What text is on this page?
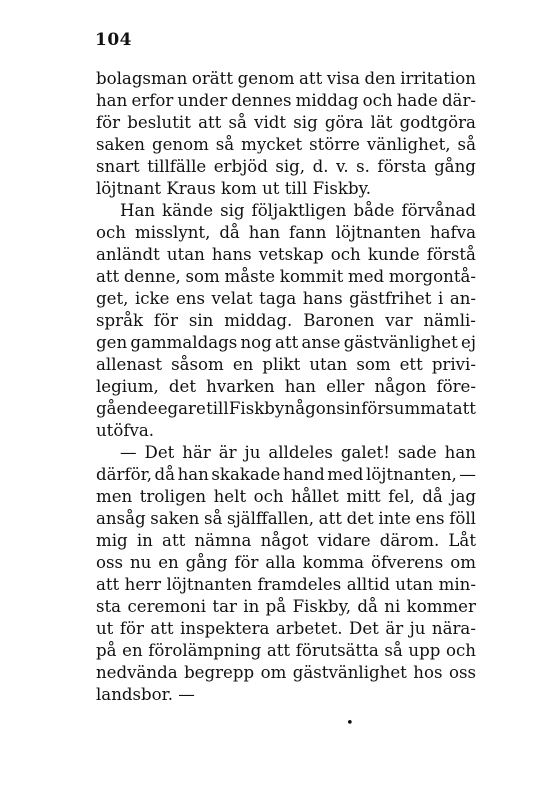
104
bolagsman orätt genom att visa den irritation
han erfor under dennes middag och hade där-
för beslutit att så vidt sig göra lät godtgöra
saken genom så mycket större vänlighet, så
snart tillfälle erbjöd sig, d. v. s. första gång
löjtnant Kraus kom ut till Fiskby.
Han kände sig följaktligen både förvånad
och misslynt, då han fann löjtnanten hafva
anländt utan hans vetskap och kunde förstå
att denne, som måste kommit med morgontå-
get, icke ens velat taga hans gästfrihet i an-
språk för sin middag. Baronen var nämli-
gen gammaldags nog att anse gästvänlighet ej
allenast såsom en plikt utan som ett privi-
legium, det hvarken han eller någon före-
gående egare till Fiskby någonsin försummat att
utöfva.
— Det här är ju alldeles galet! sade han
därför, då han skakade hand med löjtnanten, —
men troligen helt och hållet mitt fel, då jag
ansåg saken så själffallen, att det inte ens föll
mig in att nämna något vidare därom. Låt
oss nu en gång för alla komma öfverens om
att herr löjtnanten framdeles alltid utan min-
sta ceremoni tar in på Fiskby, då ni kommer
ut för att inspektera arbetet. Det är ju nära-
på en förolämpning att förutsätta så upp och
nedvända begrepp om gästvänlighet hos oss
landsbor. —
•
